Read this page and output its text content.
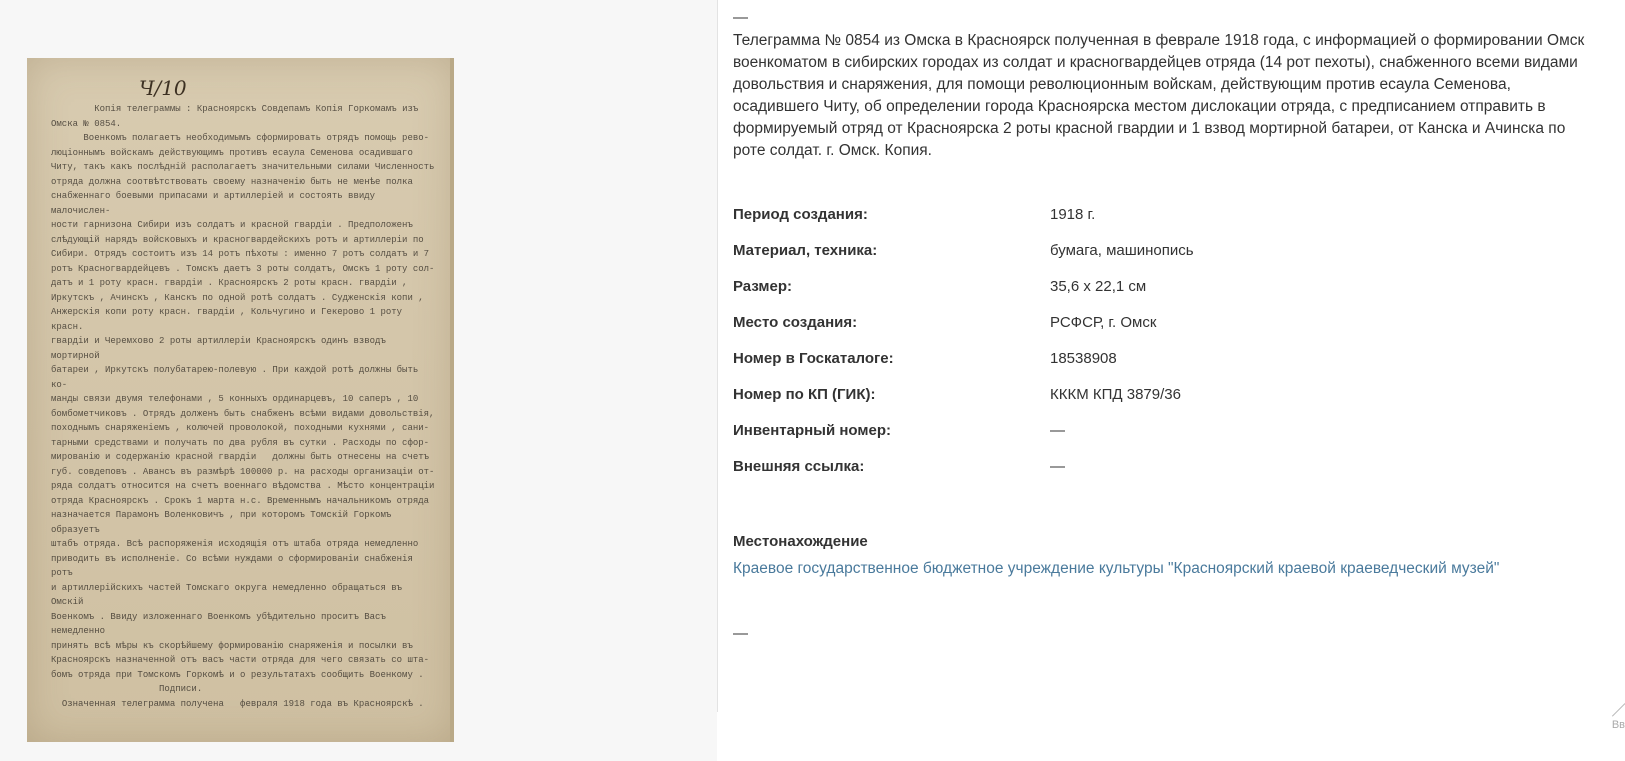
Ч/10
Копія телеграммы : Красноярскъ Совдепамъ Копія Горкомамъ изъ
Омска № 0854.
Военкомъ полагаетъ необходимымъ сформировать отрядъ помощь рево-
люціоннымъ войскамъ действующимъ противъ есаула Семенова осадившаго
Читу, такъ какъ послѣдній располагаетъ значительными силами Численность
отряда должна соотвѣтствовать своему назначенію быть не менѣе полка
снабженнаго боевыми припасами и артиллеріей и состоять ввиду малочислен-
ности гарнизона Сибири изъ солдатъ и красной гвардіи . Предположенъ
слѣдующій нарядъ войсковыхъ и красногвардейскихъ ротъ и артиллеріи по
Сибири. Отрядъ состоитъ изъ 14 ротъ пѣхоты : именно 7 ротъ солдатъ и 7
ротъ Красногвардейцевъ . Томскъ даетъ 3 роты солдатъ, Омскъ 1 роту сол-
датъ и 1 роту красн. гвардіи . Красноярскъ 2 роты красн. гвардіи ,
Иркутскъ , Ачинскъ , Канскъ по одной ротѣ солдатъ . Судженскія копи ,
Анжерскія копи роту красн. гвардіи , Кольчугино и Гекерово 1 роту красн.
гвардіи и Черемхово 2 роты артиллеріи Красноярскъ одинъ взводъ мортирной
батареи , Иркутскъ полубатарею-полевую . При каждой ротѣ должны быть ко-
манды связи двумя телефонами , 5 конныхъ ординарцевъ, 10 саперъ , 10
бомбометчиковъ . Отрядъ долженъ быть снабженъ всѣми видами довольствія,
походнымъ снаряженіемъ , колючей проволокой, походными кухнями , сани-
тарными средствами и получать по два рубля въ сутки . Расходы по сфор-
мированію и содержанію красной гвардіи   должны быть отнесены на счетъ
губ. совдеповъ . Авансъ въ размѣрѣ 100000 р. на расходы организаціи от-
ряда солдатъ относится на счетъ военнаго вѣдомства . Мѣсто концентраціи
отряда Красноярскъ . Срокъ 1 марта н.с. Временнымъ начальникомъ отряда
назначается Парамонъ Воленковичъ , при которомъ Томскій Горкомъ образуетъ
штабъ отряда. Всѣ распоряженія исходящія отъ штаба отряда немедленно
приводить въ исполненіе. Со всѣми нуждами о сформированіи снабженія ротъ
и артиллерійскихъ частей Томскаго округа немедленно обращаться въ Омскій
Военкомъ . Ввиду изложеннаго Военкомъ убѣдительно проситъ Васъ немедленно
принять всѣ мѣры къ скорѣйшему формированію снаряженія и посылки въ
Красноярскъ назначенной отъ васъ части отряда для чего связать со шта-
бомъ отряда при Томскомъ Горкомѣ и о результатахъ сообщить Военкому .
Подписи.
Означенная телеграмма получена   февраля 1918 года въ Красноярскѣ .
—
Телеграмма № 0854 из Омска в Красноярск полученная в феврале 1918 года, с информацией о формировании Омск
военкоматом в сибирских городах из солдат и красногвардейцев отряда (14 рот пехоты), снабженного всеми видами
довольствия и снаряжения, для помощи революционным войскам, действующим против есаула Семенова,
осадившего Читу, об определении города Красноярска местом дислокации отряда, с предписанием отправить в
формируемый отряд от Красноярска 2 роты красной гвардии и 1 взвод мортирной батареи, от Канска и Ачинска по
роте солдат. г. Омск. Копия.
Период создания:	1918 г.
Материал, техника:	бумага, машинопись
Размер:	35,6 x 22,1 см
Место создания:	РСФСР, г. Омск
Номер в Госкаталоге:	18538908
Номер по КП (ГИК):	КККМ КПД 3879/36
Инвентарный номер:	—
Внешняя ссылка:	—
Местонахождение
Краевое государственное бюджетное учреждение культуры "Красноярский краевой краеведческий музей"
—
Вв
